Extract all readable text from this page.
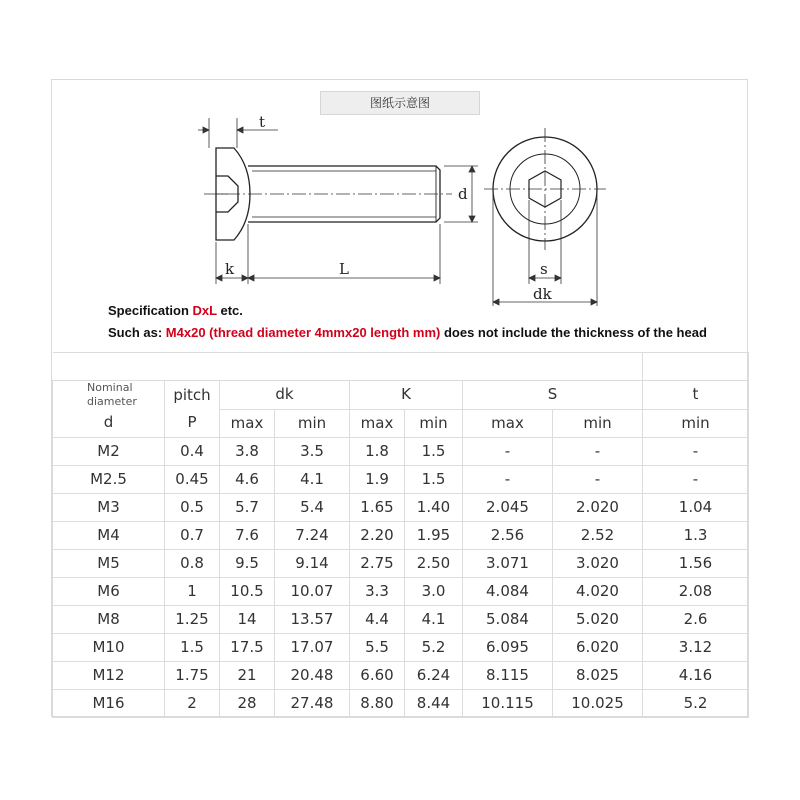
图纸示意图
t
d
k	L	s
dk
Specification DxL etc.
Such as: M4x20 (thread diameter 4mmx20 length mm) does not include the thickness of the head

Nominal
diameter	pitch	dk		K		S		t
d	P	max	min	max	min	max	min	min
M2	0.4	3.8	3.5	1.8	1.5	-	-	-
M2.5	0.45	4.6	4.1	1.9	1.5	-	-	-
M3	0.5	5.7	5.4	1.65	1.40	2.045	2.020	1.04
M4	0.7	7.6	7.24	2.20	1.95	2.56	2.52	1.3
M5	0.8	9.5	9.14	2.75	2.50	3.071	3.020	1.56
M6	1	10.5	10.07	3.3	3.0	4.084	4.020	2.08
M8	1.25	14	13.57	4.4	4.1	5.084	5.020	2.6
M10	1.5	17.5	17.07	5.5	5.2	6.095	6.020	3.12
M12	1.75	21	20.48	6.60	6.24	8.115	8.025	4.16
M16	2	28	27.48	8.80	8.44	10.115	10.025	5.2
